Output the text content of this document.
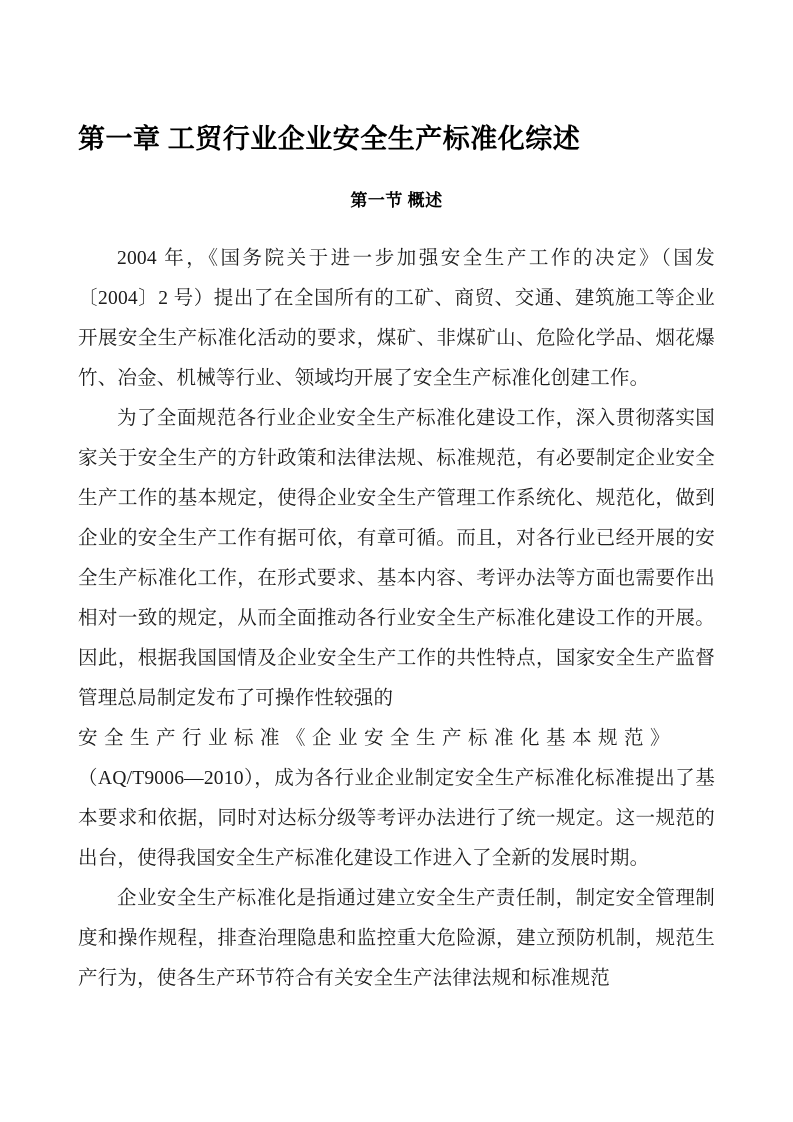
第一章 工贸行业企业安全生产标准化综述
第一节 概述

2004 年，《国务院关于进一步加强安全生产工作的决定》（国发〔2004〕2 号）提出了在全国所有的工矿、商贸、交通、建筑施工等企业开展安全生产标准化活动的要求，煤矿、非煤矿山、危险化学品、烟花爆竹、冶金、机械等行业、领域均开展了安全生产标准化创建工作。

为了全面规范各行业企业安全生产标准化建设工作，深入贯彻落实国家关于安全生产的方针政策和法律法规、标准规范，有必要制定企业安全生产工作的基本规定，使得企业安全生产管理工作系统化、规范化，做到企业的安全生产工作有据可依，有章可循。而且，对各行业已经开展的安全生产标准化工作，在形式要求、基本内容、考评办法等方面也需要作出相对一致的规定，从而全面推动各行业安全生产标准化建设工作的开展。因此，根据我国国情及企业安全生产工作的共性特点，国家安全生产监督管理总局制定发布了可操作性较强的

安全生产行业标准《企业安全生产标准化基本规范》

（AQ/T9006—2010），成为各行业企业制定安全生产标准化标准提出了基本要求和依据，同时对达标分级等考评办法进行了统一规定。这一规范的出台，使得我国安全生产标准化建设工作进入了全新的发展时期。

企业安全生产标准化是指通过建立安全生产责任制，制定安全管理制度和操作规程，排查治理隐患和监控重大危险源，建立预防机制，规范生产行为，使各生产环节符合有关安全生产法律法规和标准规范
